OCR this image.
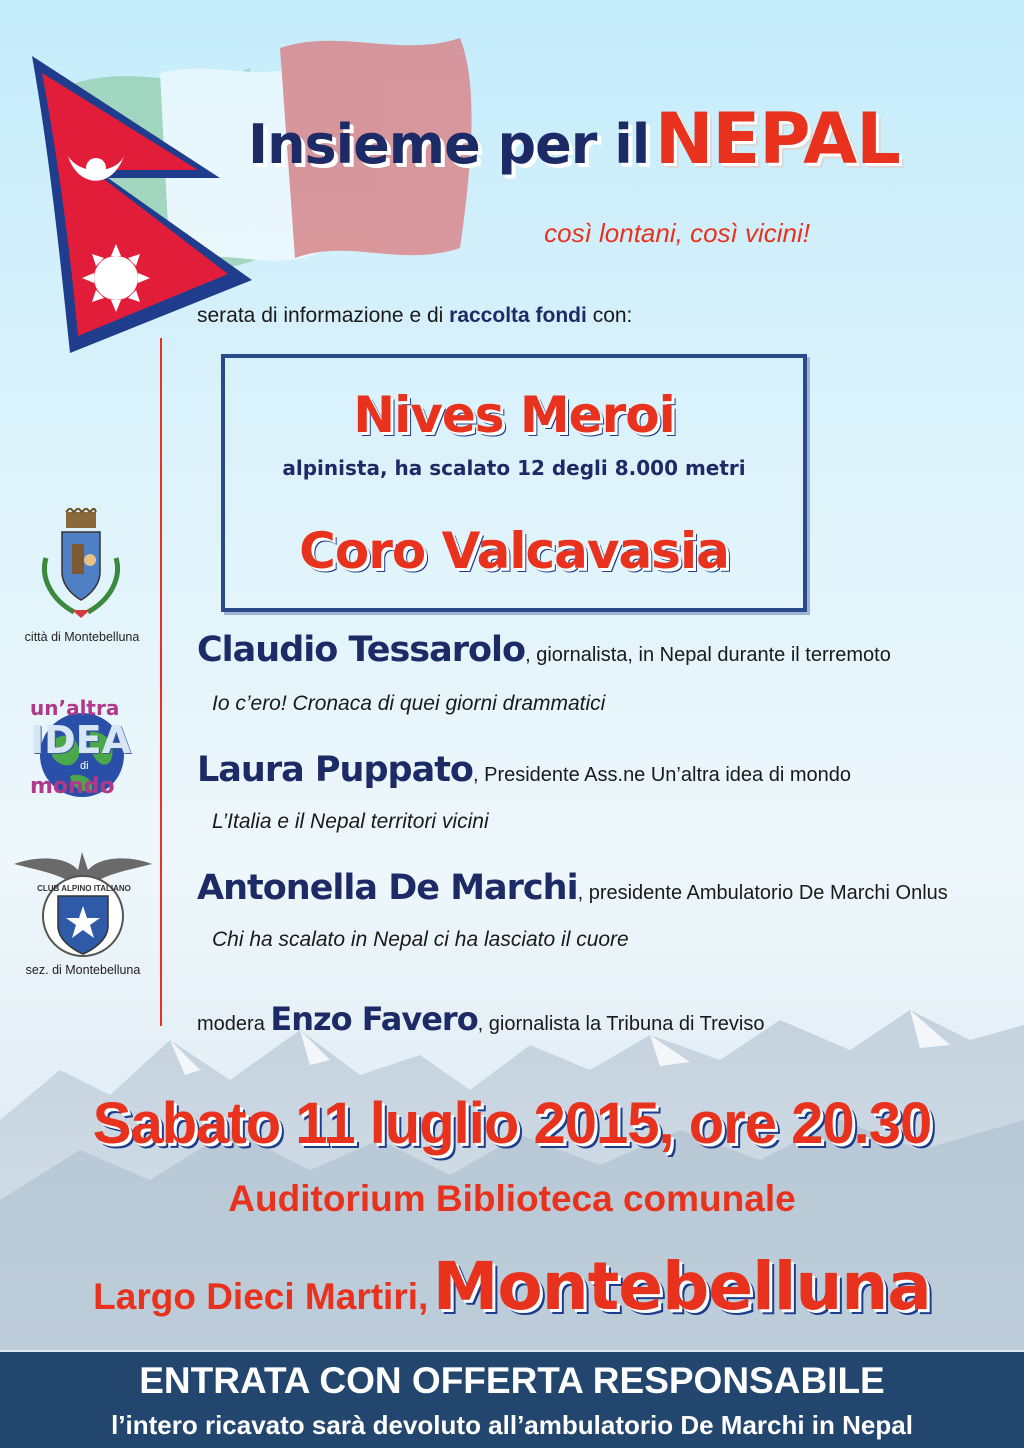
Insieme per il NEPAL
così lontani, così vicini!
serata di informazione e di raccolta fondi con:
Nives Meroi
alpinista, ha scalato 12 degli 8.000 metri
Coro Valcavasia
città di Montebelluna
un’altra
IDEA
di
mondo
CLUB ALPINO ITALIANO
sez. di Montebelluna
Claudio Tessarolo, giornalista, in Nepal durante il terremoto
Io c’ero! Cronaca di quei giorni drammatici
Laura Puppato, Presidente Ass.ne Un’altra idea di mondo
L’Italia e il Nepal territori vicini
Antonella De Marchi, presidente Ambulatorio De Marchi Onlus
Chi ha scalato in Nepal ci ha lasciato il cuore
modera Enzo Favero, giornalista la Tribuna di Treviso
Sabato 11 luglio 2015, ore 20.30
Auditorium Biblioteca comunale
Largo Dieci Martiri, Montebelluna
ENTRATA CON OFFERTA RESPONSABILE
l’intero ricavato sarà devoluto all’ambulatorio De Marchi in Nepal
